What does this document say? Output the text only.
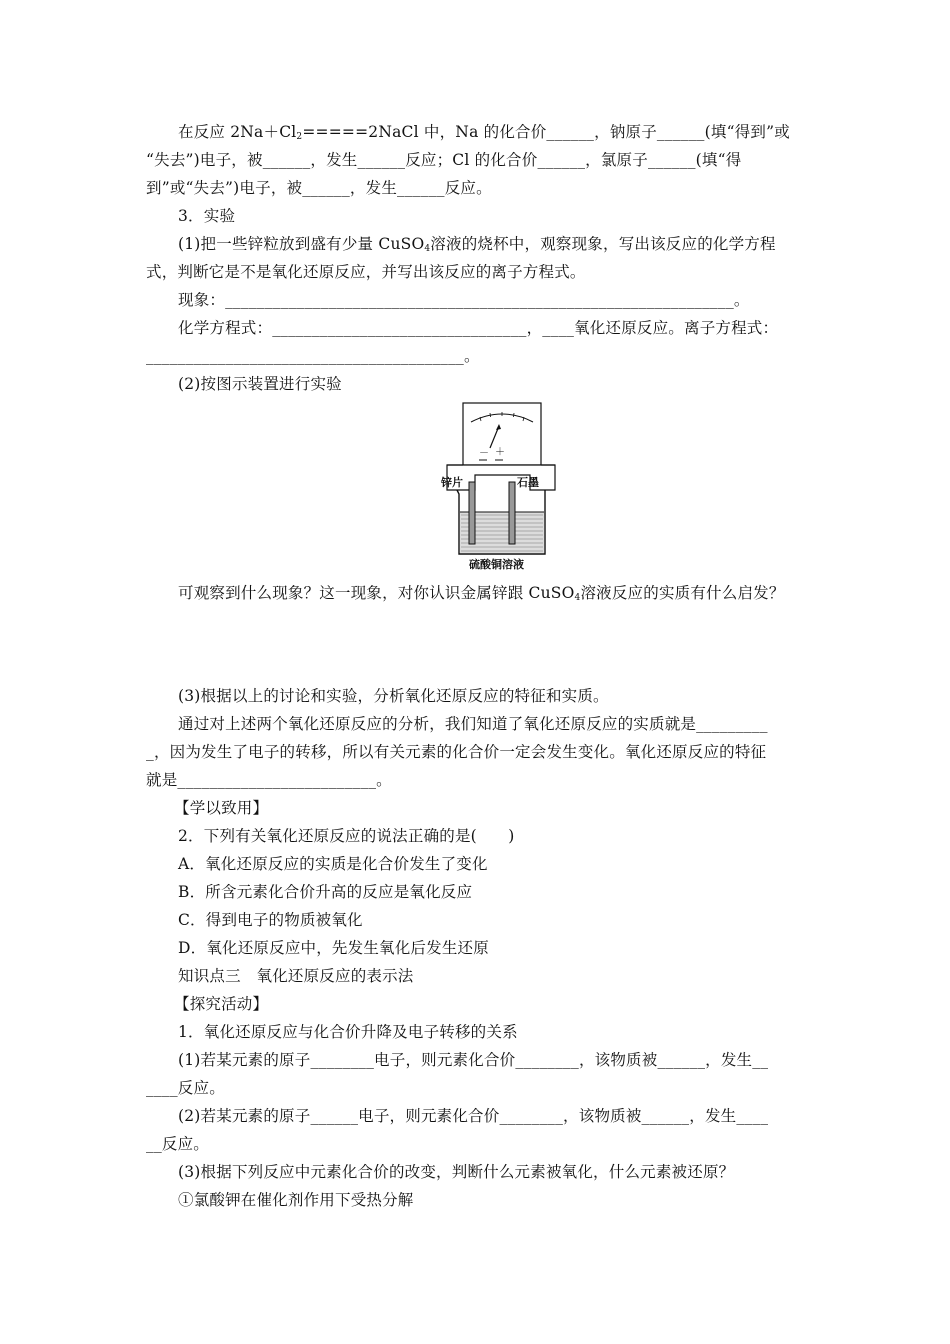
在反应 $2Na+Cl_2=====2NaCl$ 中，Na 的化合价______，钠原子______(填“得到”或
“失去”)电子，被______，发生______反应；Cl 的化合价______，氯原子______(填“得
到”或“失去”)电子，被______，发生______反应。
3．实验
(1)把一些锌粒放到盛有少量 CuSO$_4$溶液的烧杯中，观察现象，写出该反应的化学方程
式，判断它是不是氧化还原反应，并写出该反应的离子方程式。
现象：________________________________________________________________。
化学方程式：________________________________，____氧化还原反应。离子方程式：
________________________________________。
(2)按图示装置进行实验
－ ＋
锌片	石墨
硫酸铜溶液
可观察到什么现象？这一现象，对你认识金属锌跟 CuSO$_4$溶液反应的实质有什么启发？
(3)根据以上的讨论和实验，分析氧化还原反应的特征和实质。
通过对上述两个氧化还原反应的分析，我们知道了氧化还原反应的实质就是_________
_，因为发生了电子的转移，所以有关元素的化合价一定会发生变化。氧化还原反应的特征
就是_________________________。
【学以致用】
2．下列有关氧化还原反应的说法正确的是(　　)
A．氧化还原反应的实质是化合价发生了变化
B．所含元素化合价升高的反应是氧化反应
C．得到电子的物质被氧化
D．氧化还原反应中，先发生氧化后发生还原
知识点三　氧化还原反应的表示法
【探究活动】
1．氧化还原反应与化合价升降及电子转移的关系
(1)若某元素的原子________电子，则元素化合价________，该物质被______，发生__
____反应。
(2)若某元素的原子______电子，则元素化合价________，该物质被______，发生____
__反应。
(3)根据下列反应中元素化合价的改变，判断什么元素被氧化，什么元素被还原？
①氯酸钾在催化剂作用下受热分解
